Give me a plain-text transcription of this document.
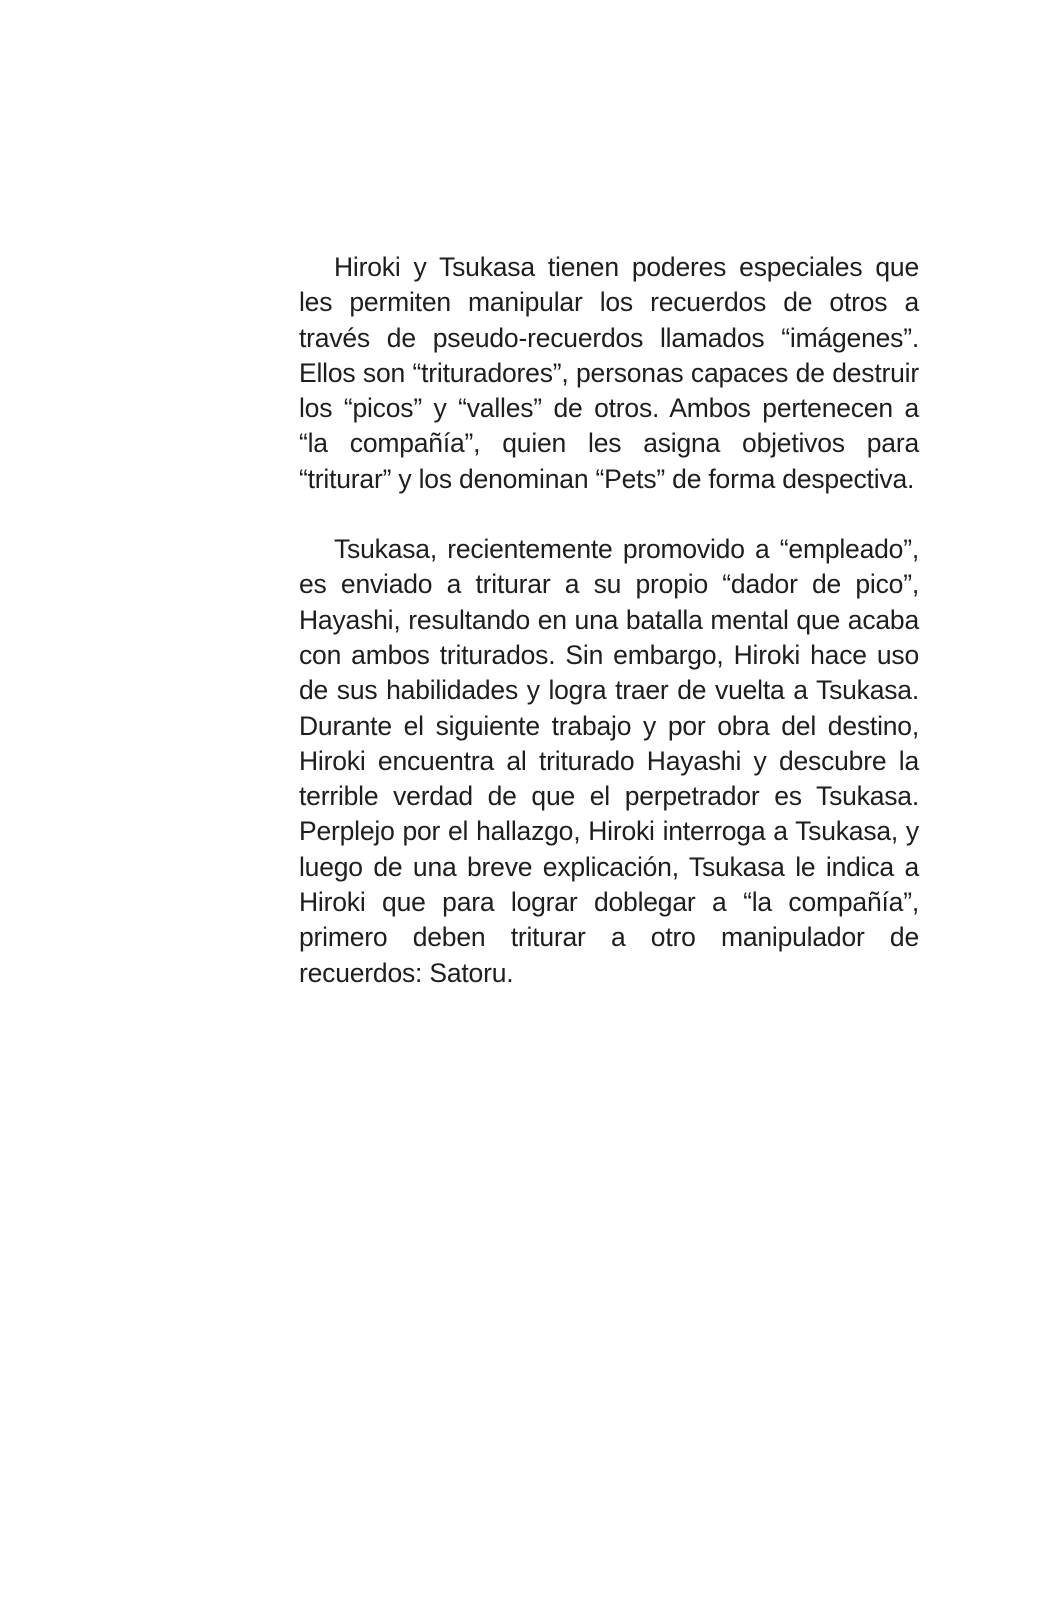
Hiroki y Tsukasa tienen poderes especiales que les permiten manipular los recuerdos de otros a través de pseudo-recuerdos llamados “imágenes”. Ellos son “trituradores”, personas capaces de destruir los “picos” y “valles” de otros. Ambos pertenecen a “la compañía”, quien les asigna objetivos para “triturar” y los denominan “Pets” de forma despectiva.

Tsukasa, recientemente promovido a “empleado”, es enviado a triturar a su propio “dador de pico”, Hayashi, resultando en una batalla mental que acaba con ambos triturados. Sin embargo, Hiroki hace uso de sus habilidades y logra traer de vuelta a Tsukasa. Durante el siguiente trabajo y por obra del destino, Hiroki encuentra al triturado Hayashi y descubre la terrible verdad de que el perpetrador es Tsukasa. Perplejo por el hallazgo, Hiroki interroga a Tsukasa, y luego de una breve explicación, Tsukasa le indica a Hiroki que para lograr doblegar a “la compañía”, primero deben triturar a otro manipulador de recuerdos: Satoru.
